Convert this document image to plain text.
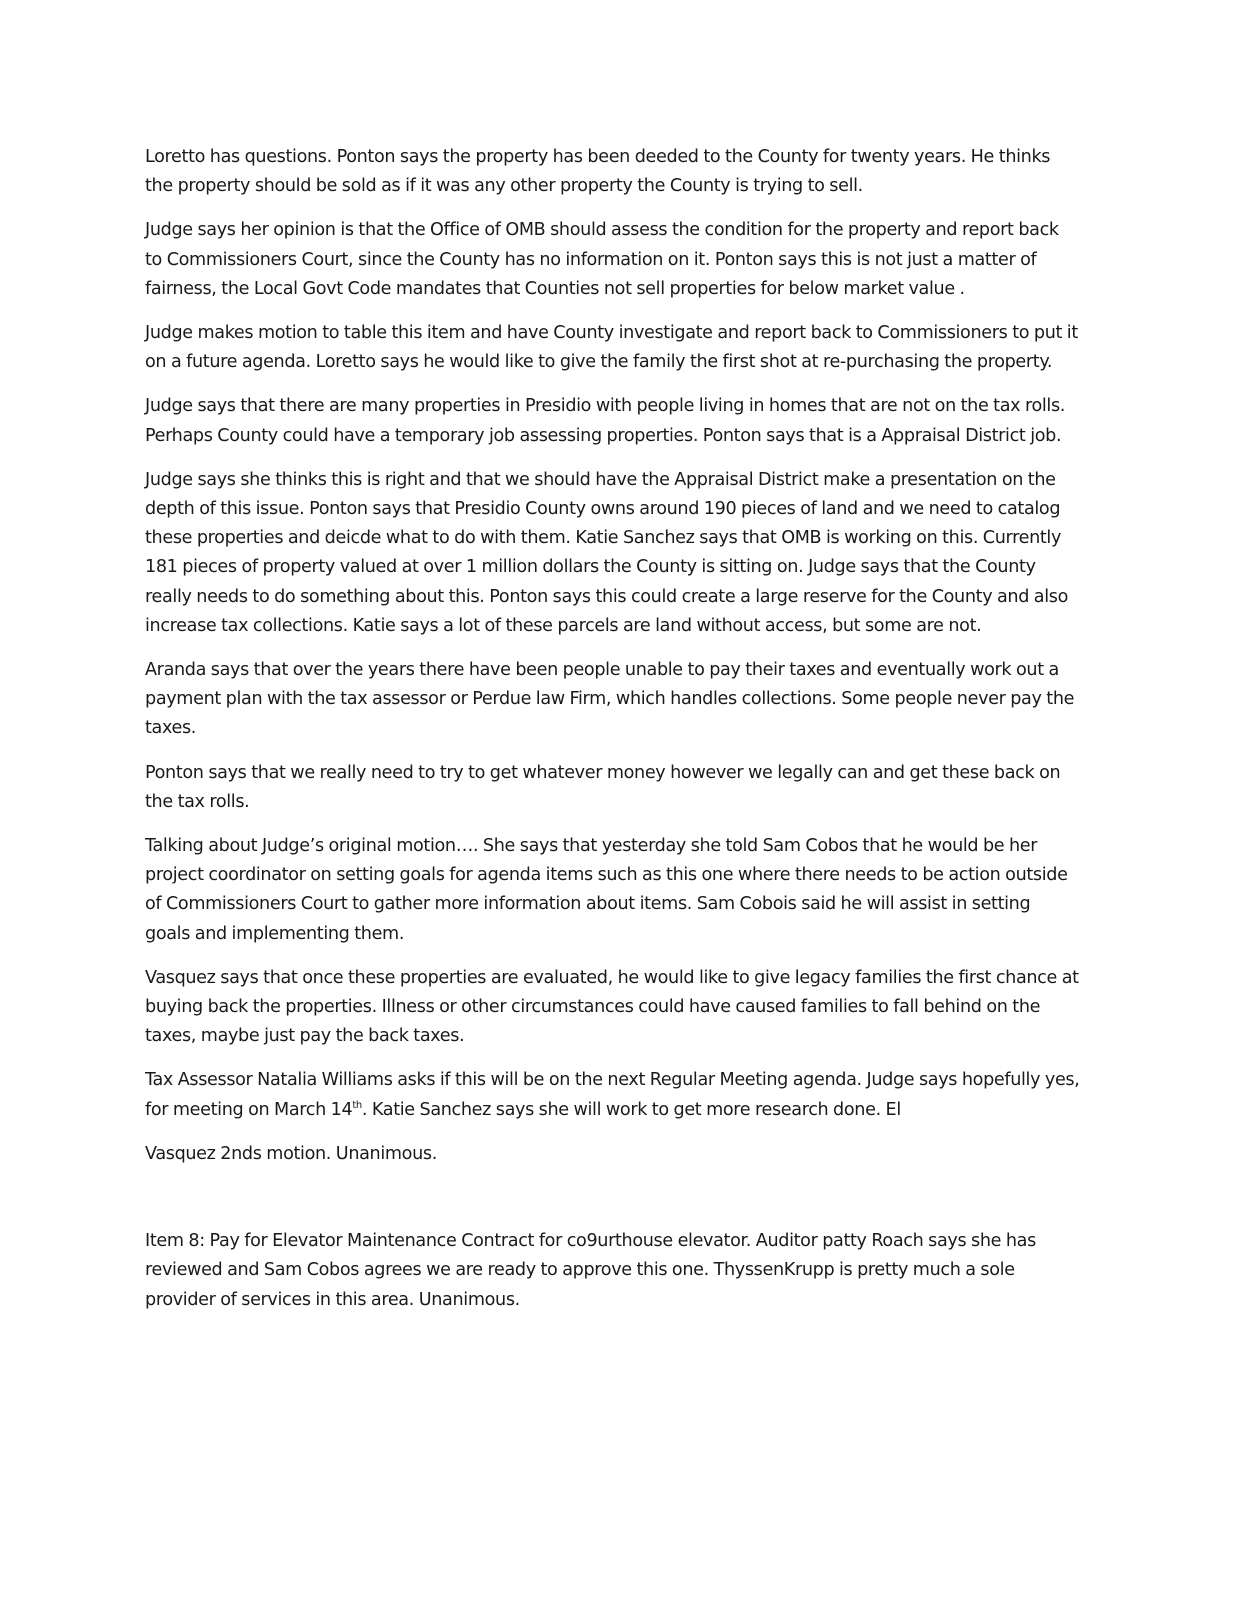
Loretto has questions. Ponton says the property has been deeded to the County for twenty years. He thinks the property should be sold as if it was any other property the County is trying to sell.

Judge says her opinion is that the Office of OMB should assess the condition for the property and report back to Commissioners Court, since the County has no information on it. Ponton says this is not just a matter of fairness, the Local Govt Code mandates that Counties not sell properties for below market value .

Judge makes motion to table this item and have County investigate and report back to Commissioners to put it on a future agenda. Loretto says he would like to give the family the first shot at re-purchasing the property.

Judge says that there are many properties in Presidio with people living in homes that are not on the tax rolls. Perhaps County could have a temporary job assessing properties. Ponton says that is a Appraisal District job.

Judge says she thinks this is right and that we should have the Appraisal District make a presentation on the depth of this issue. Ponton says that Presidio County owns around 190 pieces of land and we need to catalog these properties and deicde what to do with them. Katie Sanchez says that OMB is working on this. Currently 181 pieces of property valued at over 1 million dollars the County is sitting on. Judge says that the County really needs to do something about this. Ponton says this could create a large reserve for the County and also increase tax collections. Katie says a lot of these parcels are land without access, but some are not.

Aranda says that over the years there have been people unable to pay their taxes and eventually work out a payment plan with the tax assessor or Perdue law Firm, which handles collections. Some people never pay the taxes.

Ponton says that we really need to try to get whatever money however we legally can and get these back on the tax rolls.

Talking about Judge’s original motion…. She says that yesterday she told Sam Cobos that he would be her project coordinator on setting goals for agenda items such as this one where there needs to be action outside of Commissioners Court to gather more information about items. Sam Cobois said he will assist in setting goals and implementing them.

Vasquez says that once these properties are evaluated, he would like to give legacy families the first chance at buying back the properties. Illness or other circumstances could have caused families to fall behind on the taxes, maybe just pay the back taxes.

Tax Assessor Natalia Williams asks if this will be on the next Regular Meeting agenda. Judge says hopefully yes, for meeting on March 14th. Katie Sanchez says she will work to get more research done. El

Vasquez 2nds motion. Unanimous.

Item 8: Pay for Elevator Maintenance Contract for co9urthouse elevator. Auditor patty Roach says she has reviewed and Sam Cobos agrees we are ready to approve this one. ThyssenKrupp is pretty much a sole provider of services in this area. Unanimous.
